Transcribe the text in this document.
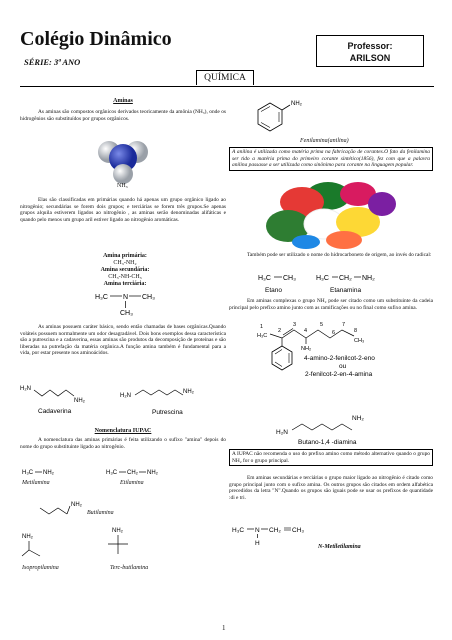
Colégio Dinâmico
SÉRIE: 3ª ANO
Professor:
ARILSON
QUÍMICA
Aminas
As aminas são compostos orgânicos derivados teoricamente da amônia (NH₃), onde os hidrogênios são substituídos por grupos orgânicos.
NH₃
Elas são classificadas em primárias quando há apenas um grupo orgânico ligado ao nitrogênio; secundárias se forem dois grupos; e terciárias se forem três grupos.Se apenas grupos alquila estiverem ligados ao nitrogênio , as aminas serão denominadas alifáticas e quando pelo menos um grupo aril estiver ligado ao nitrogênio aromáticas.
Amina primária:
CH₃-NH₂
Amina secundária:
CH₃-NH-CH₃
Amina terciária:
H₃C N CH₃
CH₃
As aminas possuem caráter básico, sendo então chamadas de bases orgânicas.Quando voláteis possuem normalmente um odor desagradável. Dois bons exemplos dessa característica são a putrescina e a cadaverina, essas aminas são produtos da decomposição de proteínas e são liberadas na putrefação da matéria orgânica.A função amina também é fundamental para a vida, por estar presente nos aminoácidos.
H₂N
NH₂
Cadaverina
H₂N
NH₂
Putrescina
Nomenclatura IUPAC
A nomenclatura das aminas primárias é feita utilizando o sufixo "amina" depois do nome do grupo substituinte ligado ao nitrogênio.
H₃C NH₂
Metilamina
H₃C CH₂ NH₂
Etilamina
NH₂
Butilamina
NH₂
Isopropilamina
NH₂
Terc-butilamina
NH₂
Fenilamina(anilina)
A anilina é utilizada como matéria prima na fabricação de corantes.O fato da fenilamina ser tido a matéria prima do primeiro corante sintético(1856), fez com que a palavra anilina passasse a ser utilizada como sinônimo para corante na linguagem popular.
Também pode ser utilizado o nome do hidrocarboneto de origem, ao invés do radical:
H₃C CH₃
Etano
H₃C CH₂ NH₂
Etanamina
Em aminas complexas o grupo NH₂ pode ser citado como um substituinte da cadeia principal pelo prefixo amino junto com as ramificações ou no final como sufixo amina.
1
H₃C
2
3
4
5
6
7
8
CH₃
NH₂
4-amino-2-fenilcot-2-eno
ou
2-fenilcot-2-en-4-amina
H₂N
NH₂
Butano-1,4 -diamina
A IUPAC não recomenda o uso do prefixo amino como método alternativo quando o grupo NH₂ for o grupo principal.
Em aminas secundárias e terciárias o grupo maior ligado ao nitrogênio é citado como grupo principal junto com o sufixo amina. Os outros grupos são citados em ordem alfabética precedidos da letra "N".Quando os grupos são iguais pode se usar os prefixos de quantidade :di e tri.
H₃C N CH₂ CH₃
H	N-Metiletilamina
1
